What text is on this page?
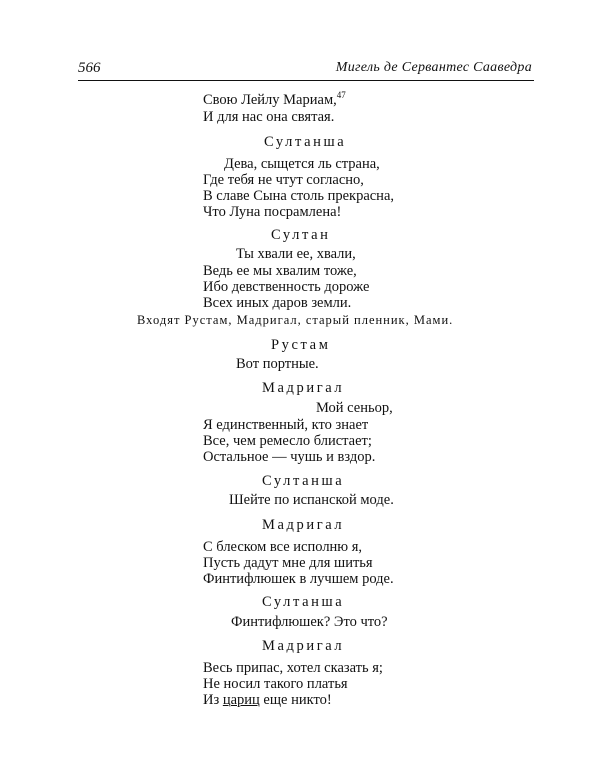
566	Мигель де Сервантес Сааведра
Свою Лейлу Мариам,$^{47}$
И для нас она святая.
Султанша
Дева, сыщется ль страна,
Где тебя не чтут согласно,
В славе Сына столь прекрасна,
Что Луна посрамлена!
Султан
Ты хвали ее, хвали,
Ведь ее мы хвалим тоже,
Ибо девственность дороже
Всех иных даров земли.
Входят Рустам, Мадригал, старый пленник, Мами.
Рустам
Вот портные.
Мадригал
Мой сеньор,
Я единственный, кто знает
Все, чем ремесло блистает;
Остальное — чушь и вздор.
Султанша
Шейте по испанской моде.
Мадригал
С блеском все исполню я,
Пусть дадут мне для шитья
Финтифлюшек в лучшем роде.
Султанша
Финтифлюшек? Это что?
Мадригал
Весь припас, хотел сказать я;
Не носил такого платья
Из цариц еще никто!
